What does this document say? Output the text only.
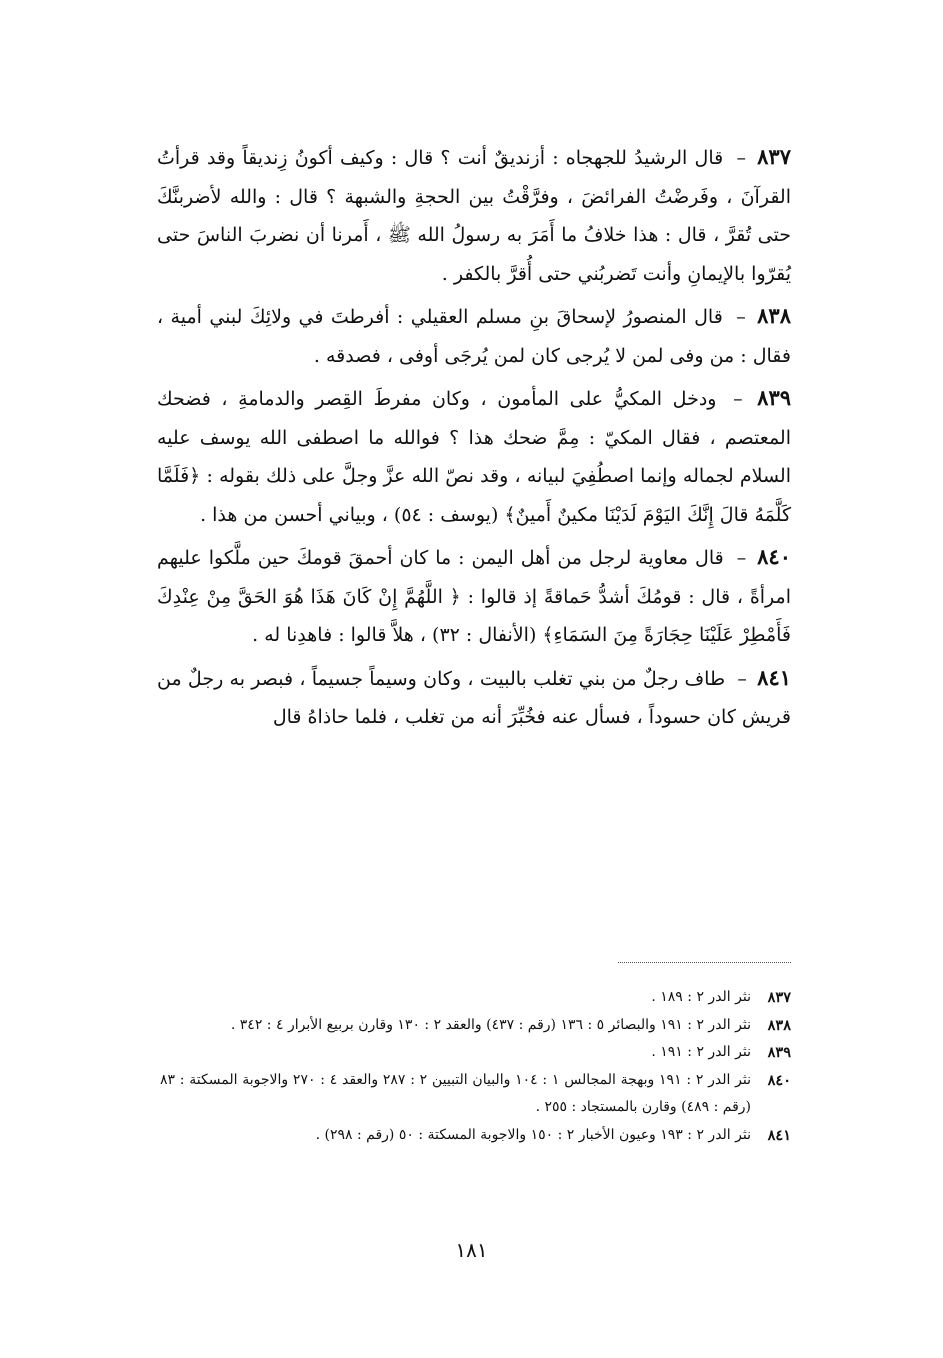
٨٣٧ – قال الرشيدُ للجهجاه : أزنديقٌ أنت ؟ قال : وكيف أكونُ زِنديقاً وقد قرأتُ القرآنَ ، وفَرضْتُ الفرائضَ ، وفرَّقْتُ بين الحجةِ والشبهة ؟ قال : والله لأضربنَّكَ حتى تُقرَّ ، قال : هذا خلافُ ما أَمَرَ به رسولُ الله ﷺ ، أَمرنا أن نضربَ الناسَ حتى يُقرّوا بالإيمانِ وأنت تَضربُني حتى أُقرَّ بالكفر .

٨٣٨ – قال المنصورُ لإسحاقَ بنِ مسلم العقيلي : أفرطتَ في ولائِكَ لبني أمية ، فقال : من وفى لمن لا يُرجى كان لمن يُرجَى أوفى ، فصدقه .

٨٣٩ – ودخل المكيُّ على المأمون ، وكان مفرطَ القِصر والدمامةِ ، فضحك المعتصم ، فقال المكيّ : مِمَّ ضحك هذا ؟ فوالله ما اصطفى الله يوسف عليه السلام لجماله وإنما اصطُفِيَ لبيانه ، وقد نصّ الله عزَّ وجلَّ على ذلك بقوله : ﴿فَلَمَّا كَلَّمَهُ قالَ إِنَّكَ اليَوْمَ لَدَيْنَا مكينٌ أَمينٌ﴾ (يوسف : ٥٤) ، وبياني أحسن من هذا .

٨٤٠ – قال معاوية لرجل من أهل اليمن : ما كان أحمقَ قومكَ حين ملَّكوا عليهم امرأةً ، قال : قومُكَ أشدُّ حَماقةً إذ قالوا : ﴿ اللَّهُمَّ إِنْ كَانَ هَذَا هُوَ الحَقَّ مِنْ عِنْدِكَ فَأَمْطِرْ عَلَيْنَا حِجَارَةً مِنَ السَمَاءِ﴾ (الأنفال : ٣٢) ، هلاَّ قالوا : فاهدِنا له .

٨٤١ – طاف رجلٌ من بني تغلب بالبيت ، وكان وسيماً جسيماً ، فبصر به رجلٌ من قريش كان حسوداً ، فسأل عنه فخُبِّرَ أنه من تغلب ، فلما حاذاهُ قال

٨٣٧
نثر الدر ٢ : ١٨٩ .
٨٣٨
نثر الدر ٢ : ١٩١ والبصائر ٥ : ١٣٦ (رقم : ٤٣٧) والعقد ٢ : ١٣٠ وقارن بربيع الأبرار ٤ : ٣٤٢ .
٨٣٩
نثر الدر ٢ : ١٩١ .
٨٤٠
نثر الدر ٢ : ١٩١ وبهجة المجالس ١ : ١٠٤ والبيان التبيين ٢ : ٢٨٧ والعقد ٤ : ٢٧٠ والاجوبة المسكتة : ٨٣ (رقم : ٤٨٩) وقارن بالمستجاد : ٢٥٥ .
٨٤١
نثر الدر ٢ : ١٩٣ وعيون الأخبار ٢ : ١٥٠ والاجوبة المسكتة : ٥٠ (رقم : ٢٩٨) .
١٨١
